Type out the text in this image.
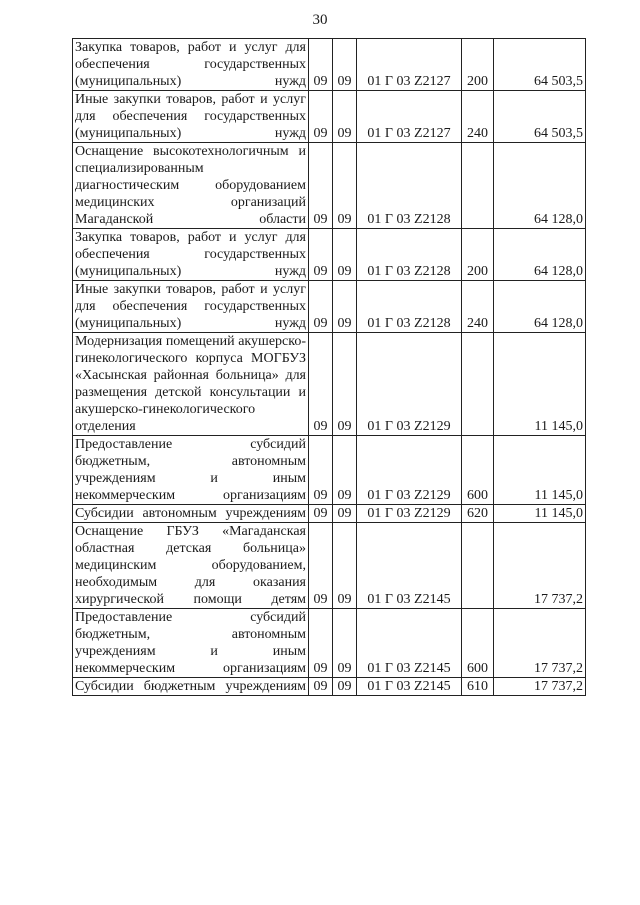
30
Закупка товаров, работ и услуг для обеспечения государственных (муниципальных) нужд	09	09	01 Г 03 Z2127	200	64 503,5

Иные закупки товаров, работ и услуг для обеспечения государственных (муниципальных) нужд	09	09	01 Г 03 Z2127	240	64 503,5

Оснащение высокотехнологичным и специализированным диагностическим оборудованием медицинских организаций Магаданской области	09	09	01 Г 03 Z2128		64 128,0

Закупка товаров, работ и услуг для обеспечения государственных (муниципальных) нужд	09	09	01 Г 03 Z2128	200	64 128,0

Иные закупки товаров, работ и услуг для обеспечения государственных (муниципальных) нужд	09	09	01 Г 03 Z2128	240	64 128,0

Модернизация помещений акушерско-гинекологического корпуса МОГБУЗ «Хасынская районная больница» для размещения детской консультации и акушерско-гинекологического отделения	09	09	01 Г 03 Z2129		11 145,0

Предоставление субсидий бюджетным, автономным учреждениям и иным некоммерческим организациям	09	09	01 Г 03 Z2129	600	11 145,0

Субсидии автономным учреждениям	09	09	01 Г 03 Z2129	620	11 145,0

Оснащение ГБУЗ «Магаданская областная детская больница» медицинским оборудованием, необходимым для оказания хирургической помощи детям	09	09	01 Г 03 Z2145		17 737,2

Предоставление субсидий бюджетным, автономным учреждениям и иным некоммерческим организациям	09	09	01 Г 03 Z2145	600	17 737,2

Субсидии бюджетным учреждениям	09	09	01 Г 03 Z2145	610	17 737,2
